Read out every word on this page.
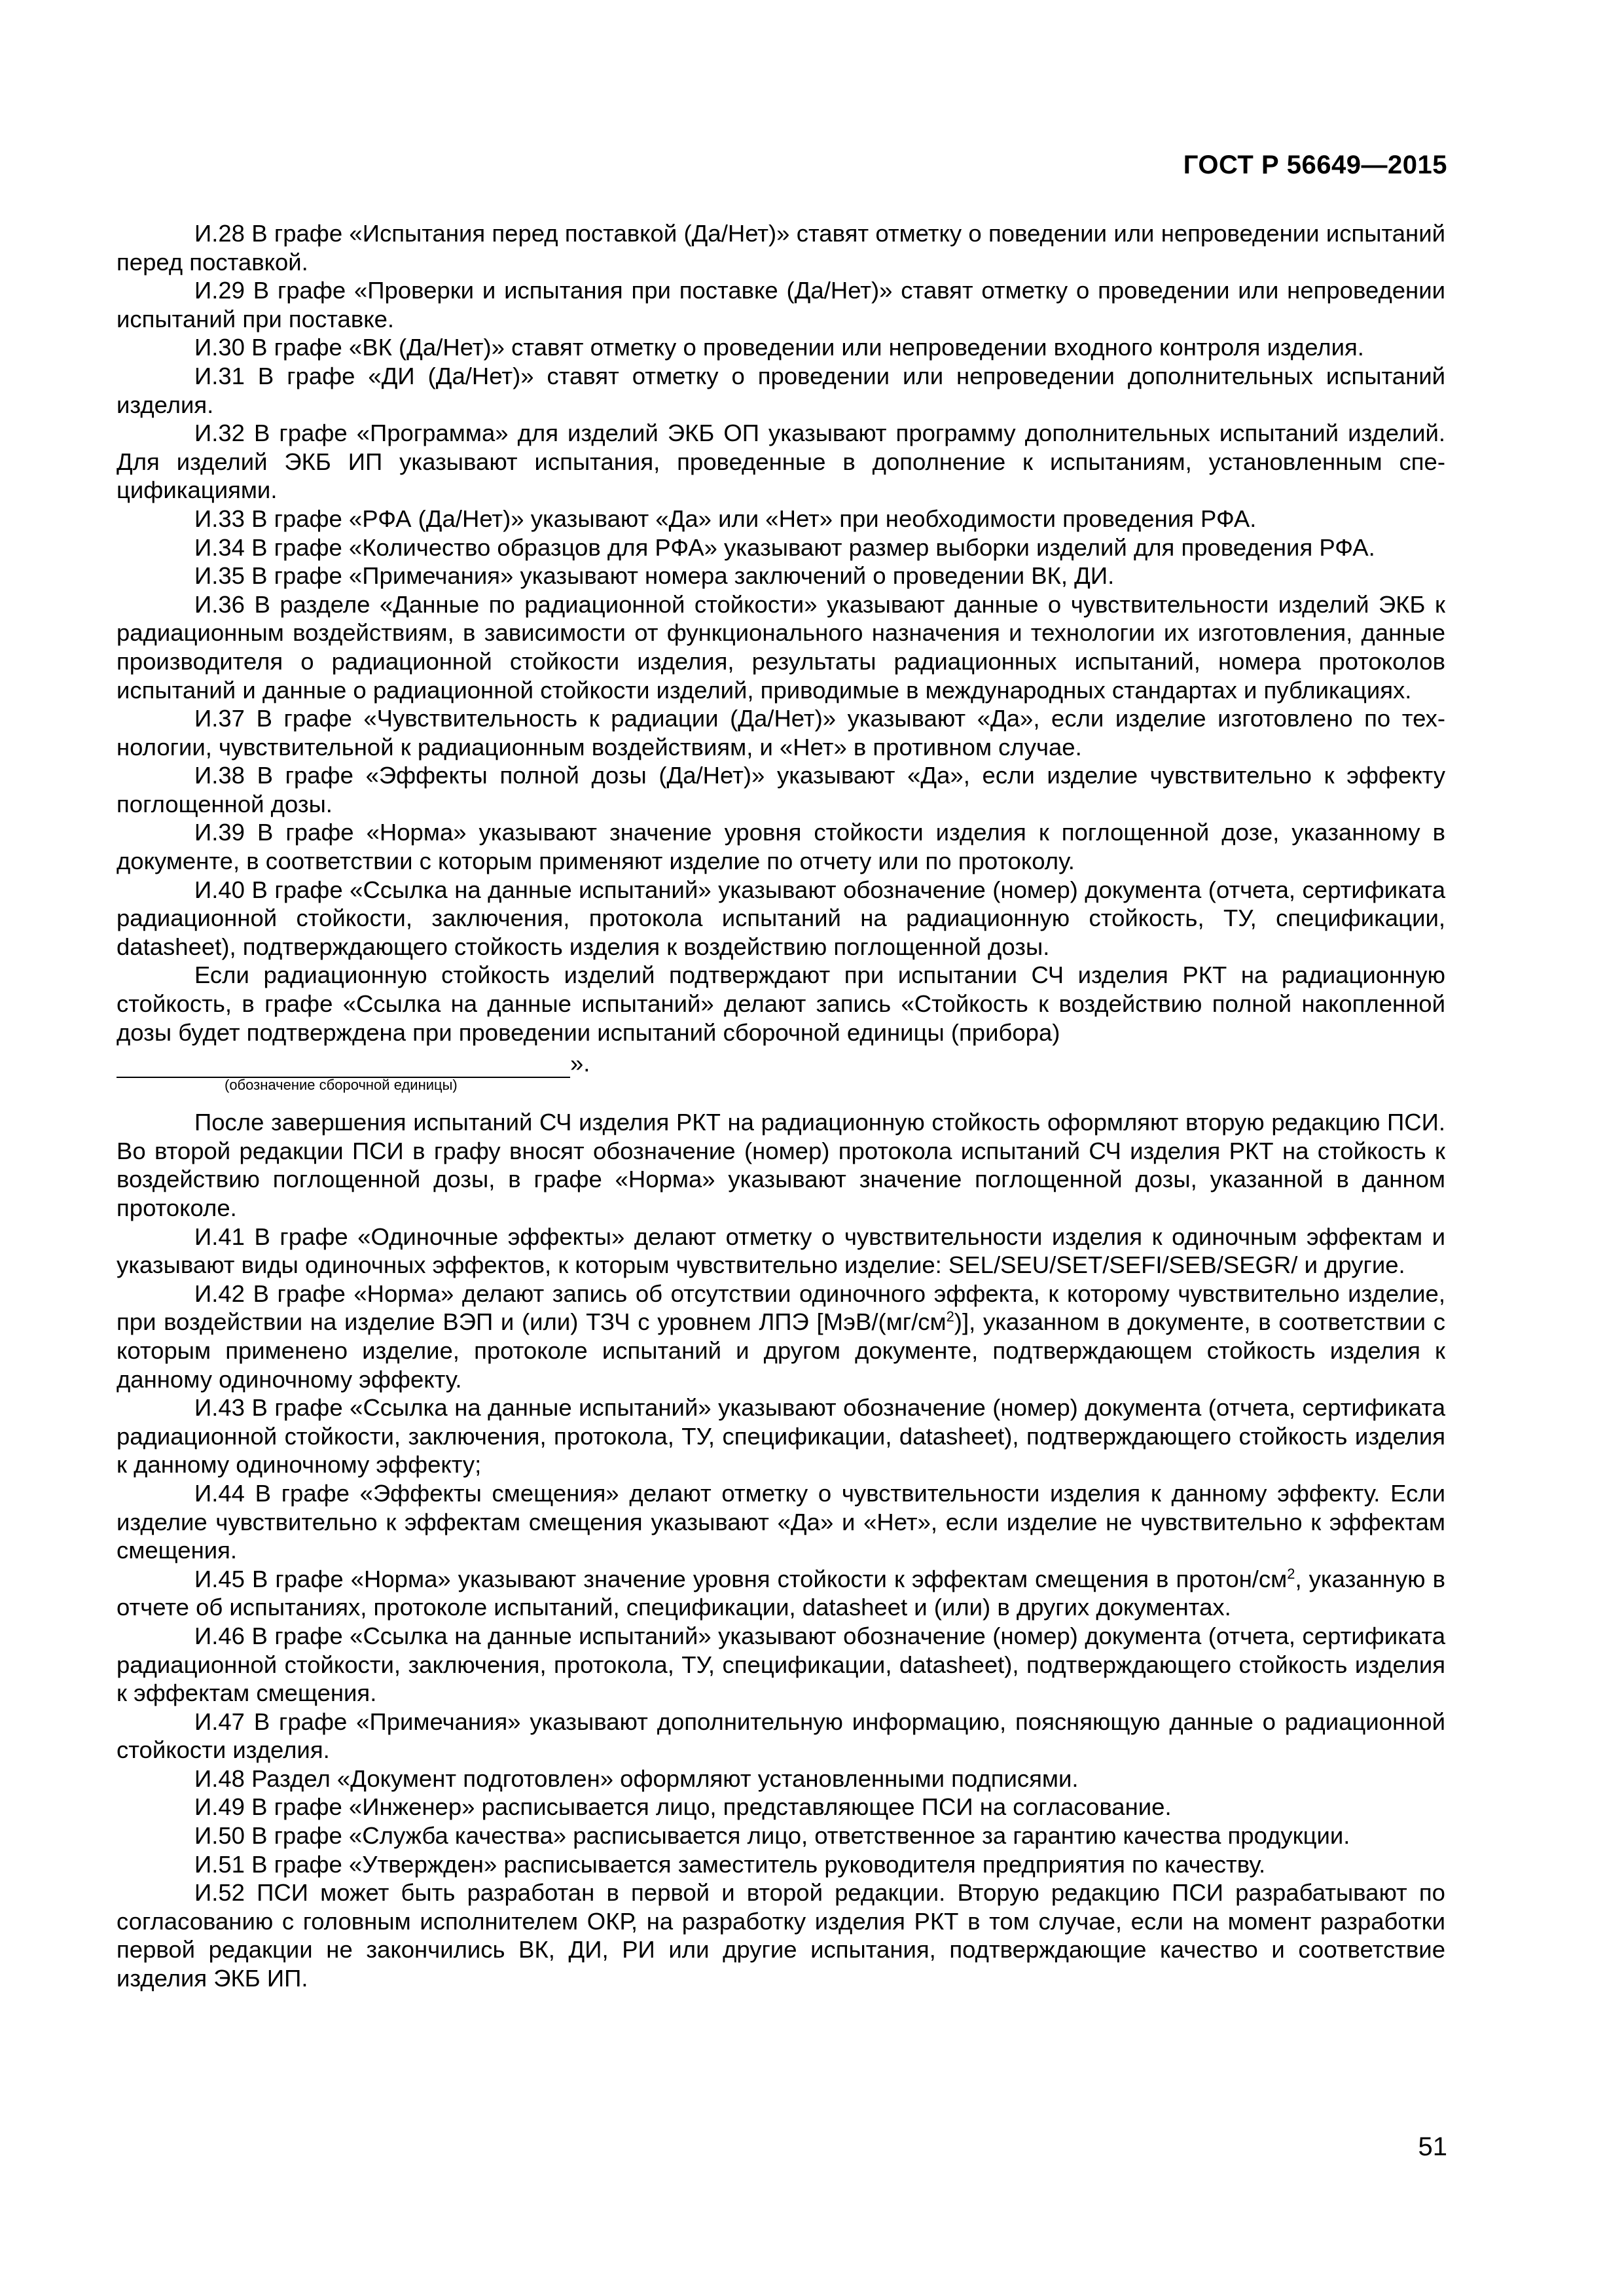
ГОСТ Р 56649—2015

И.28 В графе «Испытания перед поставкой (Да/Нет)» ставят отметку о поведении или непроведении испытаний перед поставкой.

И.29 В графе «Проверки и испытания при поставке (Да/Нет)» ставят отметку о проведении или непроведении испытаний при поставке.

И.30 В графе «ВК (Да/Нет)» ставят отметку о проведении или непроведении входного контроля изделия.

И.31 В графе «ДИ (Да/Нет)» ставят отметку о проведении или непроведении дополнительных испытаний изделия.

И.32 В графе «Программа» для изделий ЭКБ ОП указывают программу дополнительных испытаний изделий. Для изделий ЭКБ ИП указывают испытания, проведенные в дополнение к испытаниям, установленным спецификациями.

И.33 В графе «РФА (Да/Нет)» указывают «Да» или «Нет» при необходимости проведения РФА.

И.34 В графе «Количество образцов для РФА» указывают размер выборки изделий для проведения РФА.

И.35 В графе «Примечания» указывают номера заключений о проведении ВК, ДИ.

И.36 В разделе «Данные по радиационной стойкости» указывают данные о чувствительности изделий ЭКБ к радиационным воздействиям, в зависимости от функционального назначения и технологии их изготовления, данные производителя о радиационной стойкости изделия, результаты радиационных испытаний, номера протоколов испытаний и данные о радиационной стойкости изделий, приводимые в международных стандартах и публикациях.

И.37 В графе «Чувствительность к радиации (Да/Нет)» указывают «Да», если изделие изготовлено по технологии, чувствительной к радиационным воздействиям, и «Нет» в противном случае.

И.38 В графе «Эффекты полной дозы (Да/Нет)» указывают «Да», если изделие чувствительно к эффекту поглощенной дозы.

И.39 В графе «Норма» указывают значение уровня стойкости изделия к поглощенной дозе, указанному в документе, в соответствии с которым применяют изделие по отчету или по протоколу.

И.40 В графе «Ссылка на данные испытаний» указывают обозначение (номер) документа (отчета, сертификата радиационной стойкости, заключения, протокола испытаний на радиационную стойкость, ТУ, спецификации, datasheet), подтверждающего стойкость изделия к воздействию поглощенной дозы.

Если радиационную стойкость изделий подтверждают при испытании СЧ изделия РКТ на радиационную стойкость, в графе «Ссылка на данные испытаний» делают запись «Стойкость к воздействию полной накопленной дозы будет подтверждена при проведении испытаний сборочной единицы (прибора)

».
(обозначение сборочной единицы)

После завершения испытаний СЧ изделия РКТ на радиационную стойкость оформляют вторую редакцию ПСИ. Во второй редакции ПСИ в графу вносят обозначение (номер) протокола испытаний СЧ изделия РКТ на стойкость к воздействию поглощенной дозы, в графе «Норма» указывают значение поглощенной дозы, указанной в данном протоколе.

И.41 В графе «Одиночные эффекты» делают отметку о чувствительности изделия к одиночным эффектам и указывают виды одиночных эффектов, к которым чувствительно изделие: SEL/SEU/SET/SEFI/SEB/SEGR/ и другие.

И.42 В графе «Норма» делают запись об отсутствии одиночного эффекта, к которому чувствительно изделие, при воздействии на изделие ВЭП и (или) ТЗЧ с уровнем ЛПЭ $[МэВ/(мг/см^2)]$, указанном в документе, в соответствии с которым применено изделие, протоколе испытаний и другом документе, подтверждающем стойкость изделия к данному одиночному эффекту.

И.43 В графе «Ссылка на данные испытаний» указывают обозначение (номер) документа (отчета, сертификата радиационной стойкости, заключения, протокола, ТУ, спецификации, datasheet), подтверждающего стойкость изделия к данному одиночному эффекту;

И.44 В графе «Эффекты смещения» делают отметку о чувствительности изделия к данному эффекту. Если изделие чувствительно к эффектам смещения указывают «Да» и «Нет», если изделие не чувствительно к эффектам смещения.

И.45 В графе «Норма» указывают значение уровня стойкости к эффектам смещения в протон/$см^2$, указанную в отчете об испытаниях, протоколе испытаний, спецификации, datasheet и (или) в других документах.

И.46 В графе «Ссылка на данные испытаний» указывают обозначение (номер) документа (отчета, сертификата радиационной стойкости, заключения, протокола, ТУ, спецификации, datasheet), подтверждающего стойкость изделия к эффектам смещения.

И.47 В графе «Примечания» указывают дополнительную информацию, поясняющую данные о радиационной стойкости изделия.

И.48 Раздел «Документ подготовлен» оформляют установленными подписями.

И.49 В графе «Инженер» расписывается лицо, представляющее ПСИ на согласование.

И.50 В графе «Служба качества» расписывается лицо, ответственное за гарантию качества продукции.

И.51 В графе «Утвержден» расписывается заместитель руководителя предприятия по качеству.

И.52 ПСИ может быть разработан в первой и второй редакции. Вторую редакцию ПСИ разрабатывают по согласованию с головным исполнителем ОКР, на разработку изделия РКТ в том случае, если на момент разработки первой редакции не закончились ВК, ДИ, РИ или другие испытания, подтверждающие качество и соответствие изделия ЭКБ ИП.

51
